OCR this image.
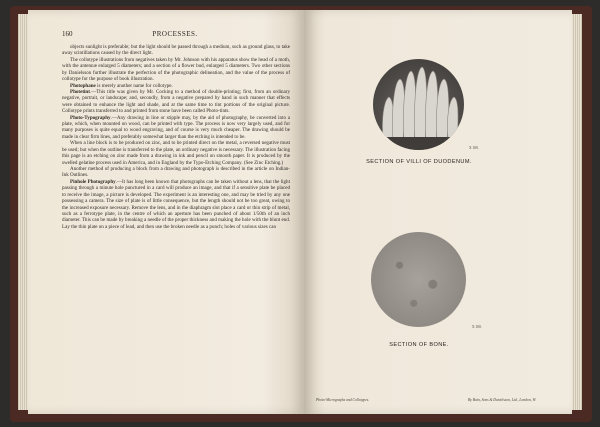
160	PROCESSES.

objects sunlight is preferable; but the light should be passed through a medium, such as ground glass, to take away scintillations caused by the direct light.

The collotype illustrations from negatives taken by Mr. Johnson with his apparatus show the head of a moth, with the antennæ enlarged 5 diameters; and a section of a flower bud, enlarged 5 diameters. Two other sections by Danielsson further illustrate the perfection of the photographic delineation, and the value of the process of collotype for the purpose of book illustration.

Photophane is merely another name for collotype.

Photetint.—This title was given by Mr. Cocking to a method of double-printing; first, from an ordinary negative, portrait, or landscape; and, secondly, from a negative prepared by hand in such manner that effects were obtained to enhance the light and shade, and at the same time to tint portions of the original picture. Collotype prints transferred to and printed from stone have been called Photo-tints.

Photo-Typography.—Any drawing in line or stipple may, by the aid of photography, be converted into a plate, which, when mounted on wood, can be printed with type. The process is now very largely used, and for many purposes is quite equal to wood engraving, and of course is very much cheaper. The drawing should be made in clear firm lines, and preferably somewhat larger than the etching is intended to be.

When a line block is to be produced on zinc, and to be printed direct on the metal, a reversed negative must be used; but when the outline is transferred to the plate, an ordinary negative is necessary. The illustration facing this page is an etching on zinc made from a drawing in ink and pencil on smooth paper. It is produced by the swelled gelatine process used in America, and in England by the Typo-Etching Company. (See Zinc Etching.)

Another method of producing a block from a drawing and photograph is described in the article on Indian-Ink Outlines.

Pinhole Photography.—It has long been known that photographs can be taken without a lens, that the light passing through a minute hole punctured in a card will produce an image, and that if a sensitive plate be placed to receive the image, a picture is developed. The experiment is an interesting one, and may be tried by any one possessing a camera. The size of plate is of little consequence, but the length should not be too great, owing to the increased exposure necessary. Remove the lens, and in the diaphragm slot place a card or thin strip of metal, such as a ferrotype plate, in the centre of which an aperture has been punched of about 1/50th of an inch diameter. This can be made by breaking a needle of the proper thickness and making the hole with the blunt end. Lay the thin plate on a piece of lead, and then use the broken needle as a punch; holes of various sizes can

X 100.
SECTION OF VILLI OF DUODENUM.
X 100.
SECTION OF BONE.
Photo-Micrographs and Collotypes.	By Bain, Sons & Danielsson, Ltd., London, W.
